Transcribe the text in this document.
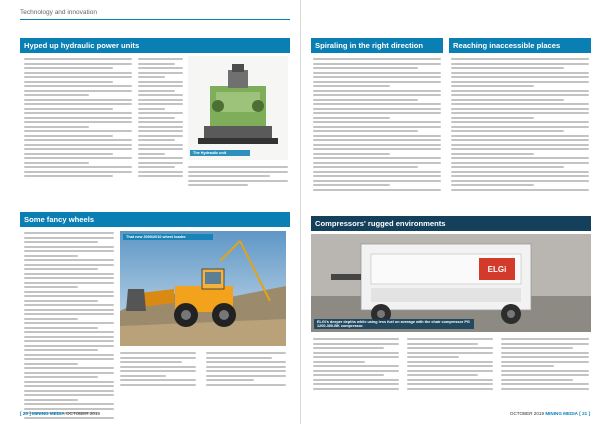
Technology and innovation
Hyped up hydraulic power units
The Hydraulic unit
Some fancy wheels
That new 3000/2010 wheel loader.
[ 20 ] MINING MEDIA OCTOBER 2019
Spiraling in the right direction	Reaching inaccessible places
Compressors' rugged environments
ELGi
ELGi's deeper depths while using less fuel on average with the chair compressor PG 1200-300-BK compressor.
OCTOBER 2019 MINING MEDIA [ 21 ]
